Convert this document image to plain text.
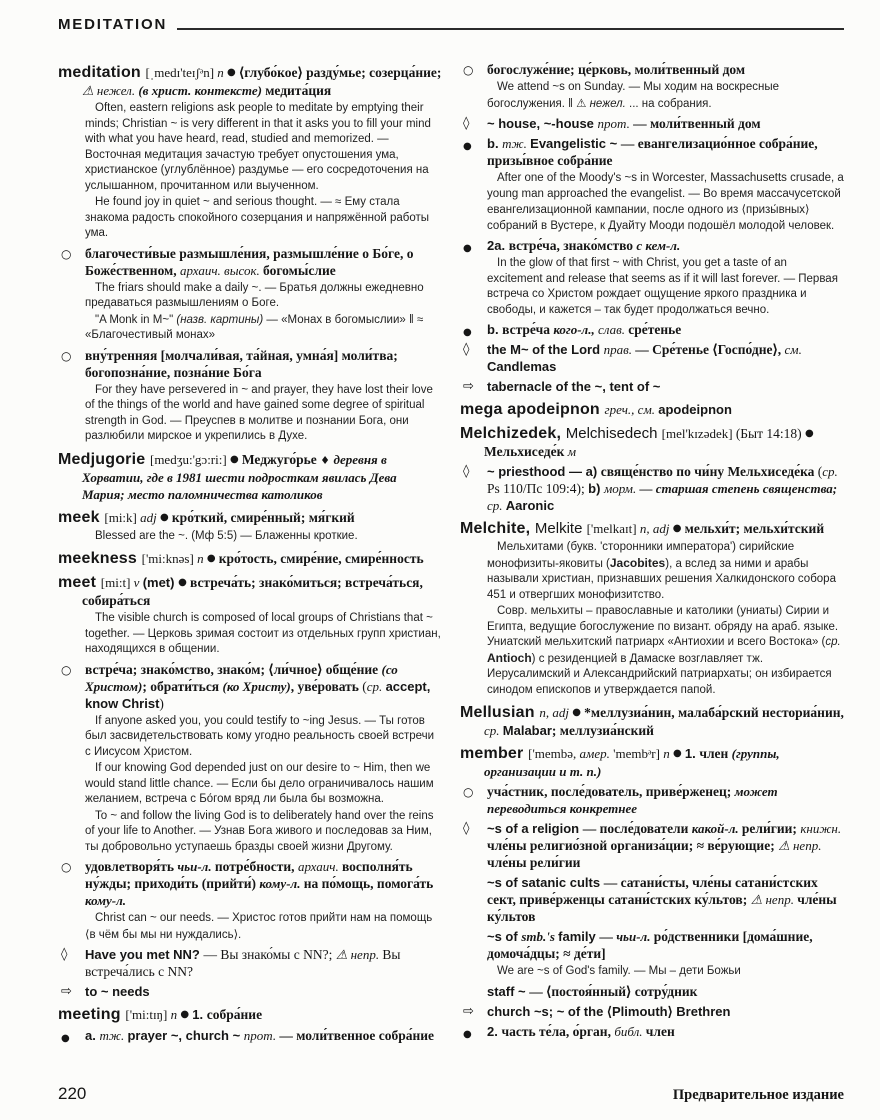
MEDITATION
meditation [ˌmedɪ'teɪʃᵊn] n ● ⟨глубо́кое⟩ разду́мье; созерца́ние; ⚠ нежел. (в христ. контексте) медита́ция
Often, eastern religions ask people to meditate by emptying their minds; Christian ~ is very different in that it asks you to fill your mind with what you have heard, read, studied and memorized. — Восточная медитация зачастую требует опустошения ума, христианское (углублённое) раздумье — его сосредоточения на услышанном, прочитанном или выученном.
He found joy in quiet ~ and serious thought. — ≈ Ему стала знакома радость спокойного созерцания и напряжённой работы ума.
○ благочести́вые размышле́ния, размышле́ние о Бо́ге, о Боже́ственном, архаич. высок. богомы́слие
The friars should make a daily ~. — Братья должны ежедневно предаваться размышлениям о Боге.
"A Monk in M~" (назв. картины) — «Монах в богомыслии» ‖ ≈ «Благочестивый монах»
○ вну́тренняя [молчали́вая, та́йная, умна́я] моли́тва; богопозна́ние, позна́ние Бо́га
For they have persevered in ~ and prayer, they have lost their love of the things of the world and have gained some degree of spiritual strength in God. — Преуспев в молитве и познании Бога, они разлюбили мирское и укрепились в Духе.
Medjugorie [medʒu:'gɔ:ri:] ● Меджуго́рье ♦ деревня в Хорватии, где в 1981 шести подросткам явилась Дева Мария; место паломничества католиков
meek [mi:k] adj ● кро́ткий, смире́нный; мя́гкий
Blessed are the ~. (Мф 5:5) — Блаженны кроткие.
meekness ['mi:knəs] n ● кро́тость, смире́ние, смире́нность
meet [mi:t] v (met) ● встреча́ть; знако́миться; встреча́ться, собира́ться
The visible church is composed of local groups of Christians that ~ together. — Церковь зримая состоит из отдельных групп христиан, находящихся в общении.
○ встре́ча; знако́мство, знако́м; ⟨ли́чное⟩ обще́ние (со Христом); обрати́ться (ко Христу), уве́ровать (ср. accept, know Christ)
If anyone asked you, you could testify to ~ing Jesus. — Ты готов был засвидетельствовать кому угодно реальность своей встречи с Иисусом Христом.
If our knowing God depended just on our desire to ~ Him, then we would stand little chance. — Если бы дело ограничивалось нашим желанием, встреча с Бо́гом вряд ли была бы возможна.
To ~ and follow the living God is to deliberately hand over the reins of your life to Another. — Узнав Бога живого и последовав за Ним, ты добровольно уступаешь бразды своей жизни Другому.
○ удовлетворя́ть чьи-л. потре́бности, архаич. восполня́ть ну́жды; приходи́ть (прийти́) кому-л. на по́мощь, помога́ть кому-л.
Christ can ~ our needs. — Христос готов прийти нам на помощь ⟨в чём бы мы ни нуждались⟩.
◊ Have you met NN? — Вы знако́мы с NN?; ⚠ непр. Вы встреча́лись с NN?
⇨ to ~ needs
meeting ['mi:tɪŋ] n ● 1. собра́ние
● a. тж. prayer ~, church ~ прот. — моли́твенное собра́ние
○ богослуже́ние; це́рковь, моли́твенный дом
We attend ~s on Sunday. — Мы ходим на воскресные богослужения. ‖ ⚠ нежел. ... на собрания.
◊ ~ house, ~-house прот. — моли́твенный дом
● b. тж. Evangelistic ~ — евангелизацио́нное собра́ние, призы́вное собра́ние
After one of the Moody's ~s in Worcester, Massachusetts crusade, a young man approached the evangelist. — Во время массачусетской евангелизационной кампании, после одного из ⟨призы́вных⟩ собраний в Вустере, к Дуайту Мооди подошёл молодой человек.
● 2a. встре́ча, знако́мство с кем-л.
In the glow of that first ~ with Christ, you get a taste of an excitement and release that seems as if it will last forever. — Первая встреча со Христом рождает ощущение яркого праздника и свободы, и кажется – так будет продолжаться вечно.
● b. встре́ча кого-л., слав. сре́тенье
◊ the M~ of the Lord прав. — Сре́тенье ⟨Госпо́дне⟩, см. Candlemas
⇨ tabernacle of the ~, tent of ~
mega apodeipnon греч., см. apodeipnon
Melchizedek, Melchisedech [mel'kɪzədek] (Быт 14:18) ● Мельхиседе́к м
◊ ~ priesthood — a) свяще́нство по чи́ну Мельхиседе́ка (ср. Ps 110/Пс 109:4); b) морм. — старшая степень священства; ср. Aaronic
Melchite, Melkite ['melkaɪt] n, adj ● мельхи́т; мельхи́тский
Мельхитами (букв. 'сторонники императора') сирийские монофизиты-яковиты (Jacobites), а вслед за ними и арабы называли христиан, признавших решения Халкидонского собора 451 и отвергших монофизитство.
Совр. мельхиты – православные и католики (униаты) Сирии и Египта, ведущие богослужение по визант. обряду на араб. языке. Униатский мельхитский патриарх «Антиохии и всего Востока» (ср. Antioch) с резиденцией в Дамаске возглавляет тж. Иерусалимский и Александрийский патриархаты; он избирается синодом епископов и утверждается папой.
Mellusian n, adj ● *меллузиа́нин, малаба́рский несториа́нин, ср. Malabar; меллузиа́нский
member ['membə, амер. 'membᵊr] n ● 1. член (группы, организации и т. п.)
○ уча́стник, после́дователь, приве́рженец; может переводиться конкретнее
◊ ~s of a religion — после́дователи какой-л. рели́гии; книжн. чле́ны религио́зной организа́ции; ≈ ве́рующие; ⚠ непр. чле́ны рели́гии
~s of satanic cults — сатани́сты, чле́ны сатани́стских сект, приве́рженцы сатани́стских ку́льтов; ⚠ непр. чле́ны ку́льтов
~s of smb.'s family — чьи-л. ро́дственники [дома́шние, домоча́дцы; ≈ де́ти]
We are ~s of God's family. — Мы – дети Божьи
staff ~ — ⟨постоя́нный⟩ сотру́дник
⇨ church ~s; ~ of the ⟨Plimouth⟩ Brethren
● 2. часть те́ла, о́рган, библ. член
220	Предварительное издание
